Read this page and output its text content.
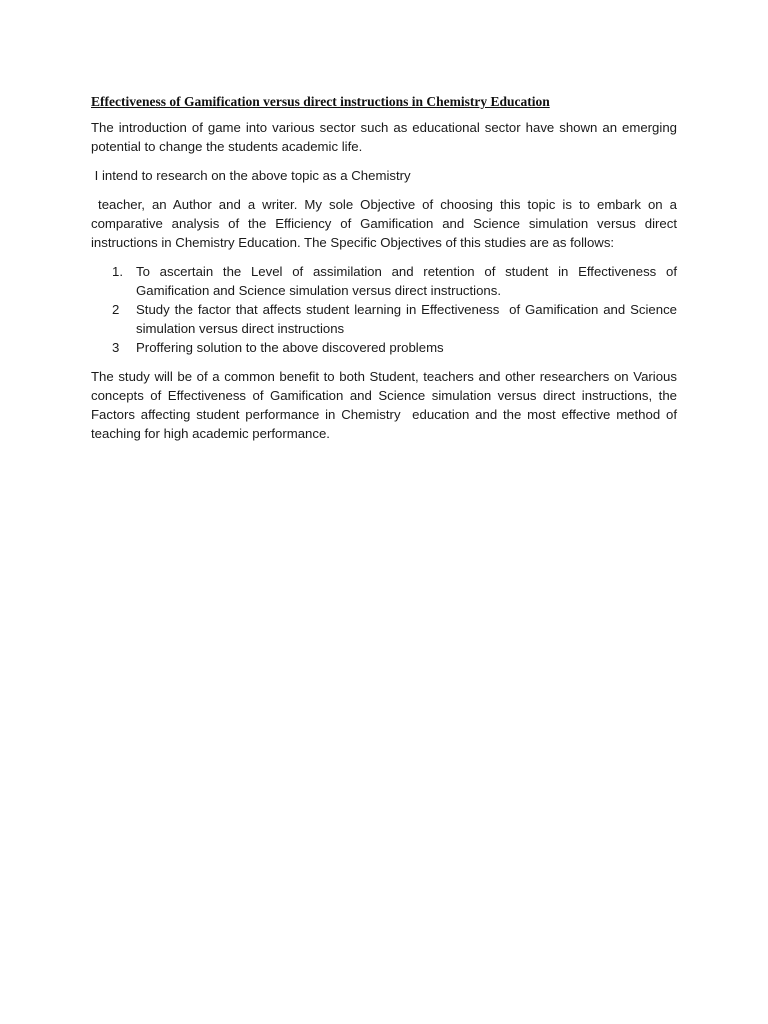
Effectiveness of Gamification versus direct instructions in Chemistry Education

The introduction of game into various sector such as educational sector have shown an emerging potential to change the students academic life.

I intend to research on the above topic as a Chemistry

teacher, an Author and a writer. My sole Objective of choosing this topic is to embark on a comparative analysis of the Efficiency of Gamification and Science simulation versus direct instructions in Chemistry Education. The Specific Objectives of this studies are as follows:

1. To ascertain the Level of assimilation and retention of student in Effectiveness of Gamification and Science simulation versus direct instructions.
2	Study the factor that affects student learning in Effectiveness  of Gamification and Science simulation versus direct instructions
3	Proffering solution to the above discovered problems

The study will be of a common benefit to both Student, teachers and other researchers on Various concepts of Effectiveness of Gamification and Science simulation versus direct instructions, the Factors affecting student performance in Chemistry  education and the most effective method of teaching for high academic performance.
